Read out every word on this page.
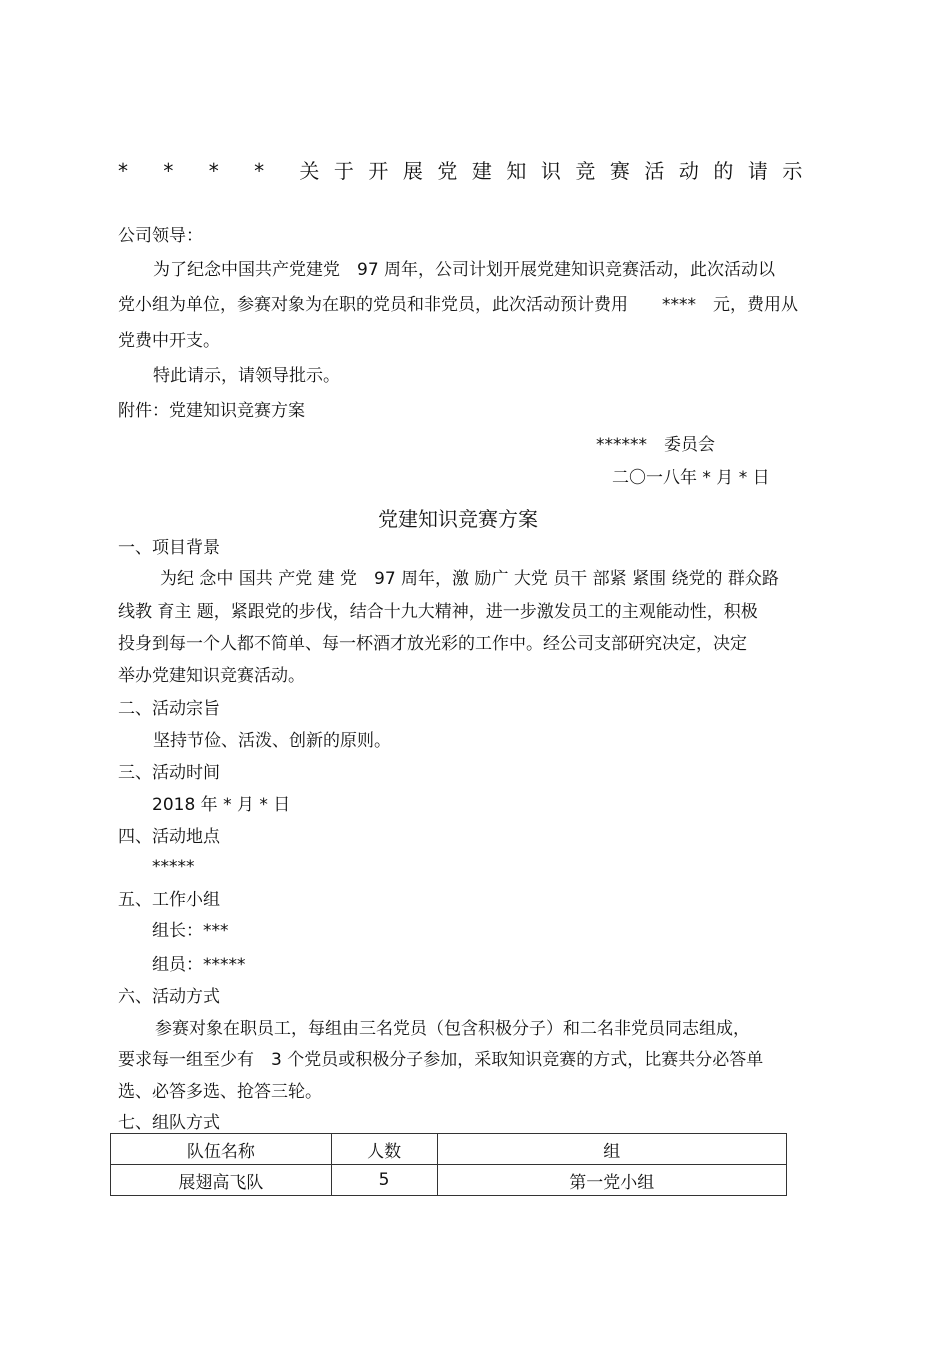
* * * * 关于开展党建知识竞赛活动的请示
公司领导：
为了纪念中国共产党建党　97 周年，公司计划开展党建知识竞赛活动，此次活动以
党小组为单位，参赛对象为在职的党员和非党员，此次活动预计费用　　****　元，费用从
党费中开支。
特此请示，请领导批示。
附件：党建知识竞赛方案
******　委员会
二〇一八年 * 月 * 日
党建知识竞赛方案
一、项目背景
为纪 念中 国共 产党 建 党　97 周年，激 励广 大党 员干 部紧 紧围 绕党的 群众路
线教 育主 题，紧跟党的步伐，结合十九大精神，进一步激发员工的主观能动性，积极
投身到每一个人都不简单、每一杯酒才放光彩的工作中。经公司支部研究决定，决定
举办党建知识竞赛活动。
二、活动宗旨
坚持节俭、活泼、创新的原则。
三、活动时间
2018 年 * 月 * 日
四、活动地点
*****
五、工作小组
组长：***
组员：*****
六、活动方式
参赛对象在职员工，每组由三名党员（包含积极分子）和二名非党员同志组成，
要求每一组至少有　3 个党员或积极分子参加，采取知识竞赛的方式，比赛共分必答单
选、必答多选、抢答三轮。
七、组队方式
队伍名称	人数	组
展翅高飞队	5	第一党小组
